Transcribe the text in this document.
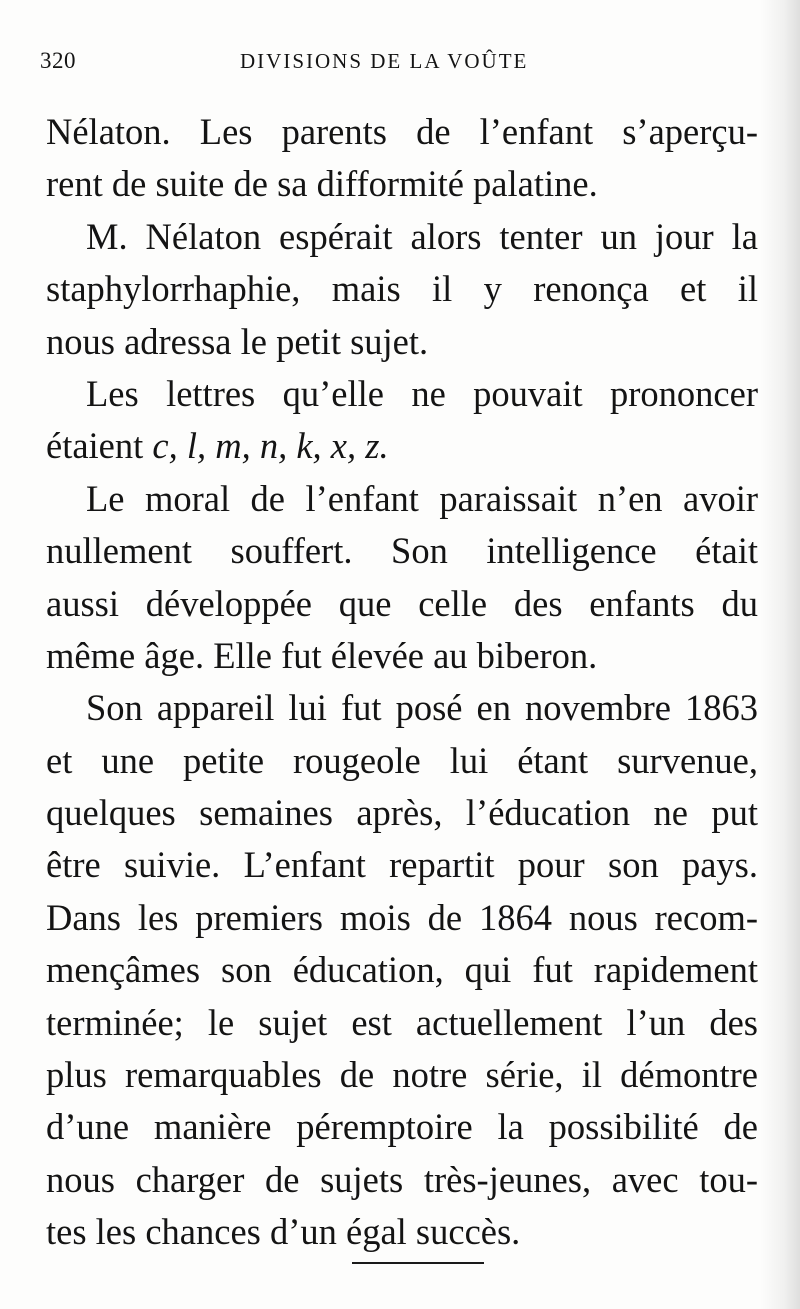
320	DIVISIONS DE LA VOÛTE
Nélaton. Les parents de l’enfant s’aperçu-
rent de suite de sa difformité palatine.
M. Nélaton espérait alors tenter un jour la
staphylorrhaphie, mais il y renonça et il
nous adressa le petit sujet.
Les lettres qu’elle ne pouvait prononcer
étaient c, l, m, n, k, x, z.
Le moral de l’enfant paraissait n’en avoir
nullement souffert. Son intelligence était
aussi développée que celle des enfants du
même âge. Elle fut élevée au biberon.
Son appareil lui fut posé en novembre 1863
et une petite rougeole lui étant survenue,
quelques semaines après, l’éducation ne put
être suivie. L’enfant repartit pour son pays.
Dans les premiers mois de 1864 nous recom-
mençâmes son éducation, qui fut rapidement
terminée; le sujet est actuellement l’un des
plus remarquables de notre série, il démontre
d’une manière péremptoire la possibilité de
nous charger de sujets très-jeunes, avec tou-
tes les chances d’un égal succès.
